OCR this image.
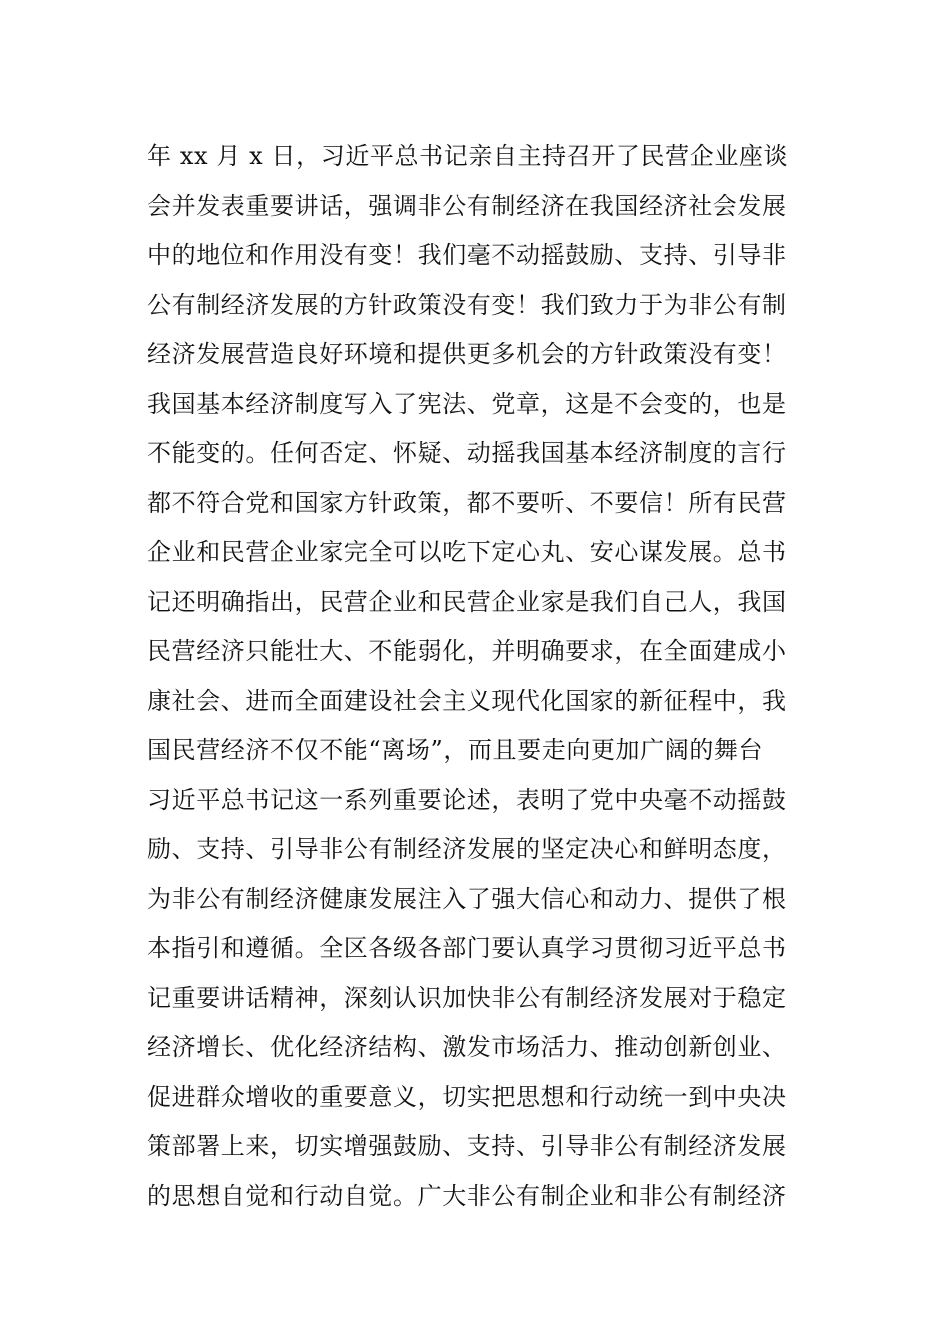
年 xx 月 x 日，习近平总书记亲自主持召开了民营企业座谈
会并发表重要讲话，强调非公有制经济在我国经济社会发展
中的地位和作用没有变！我们毫不动摇鼓励、支持、引导非
公有制经济发展的方针政策没有变！我们致力于为非公有制
经济发展营造良好环境和提供更多机会的方针政策没有变！
我国基本经济制度写入了宪法、党章，这是不会变的，也是
不能变的。任何否定、怀疑、动摇我国基本经济制度的言行
都不符合党和国家方针政策，都不要听、不要信！所有民营
企业和民营企业家完全可以吃下定心丸、安心谋发展。总书
记还明确指出，民营企业和民营企业家是我们自己人，我国
民营经济只能壮大、不能弱化，并明确要求，在全面建成小
康社会、进而全面建设社会主义现代化国家的新征程中，我
国民营经济不仅不能“离场”，而且要走向更加广阔的舞台
习近平总书记这一系列重要论述，表明了党中央毫不动摇鼓
励、支持、引导非公有制经济发展的坚定决心和鲜明态度，
为非公有制经济健康发展注入了强大信心和动力、提供了根
本指引和遵循。全区各级各部门要认真学习贯彻习近平总书
记重要讲话精神，深刻认识加快非公有制经济发展对于稳定
经济增长、优化经济结构、激发市场活力、推动创新创业、
促进群众增收的重要意义，切实把思想和行动统一到中央决
策部署上来，切实增强鼓励、支持、引导非公有制经济发展
的思想自觉和行动自觉。广大非公有制企业和非公有制经济
